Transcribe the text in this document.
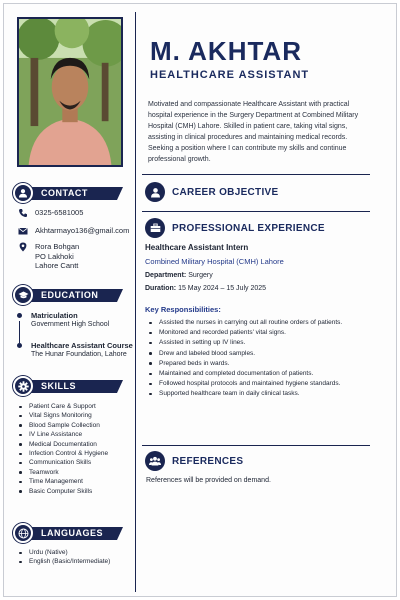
M. AKHTAR
HEALTHCARE ASSISTANT
Motivated and compassionate Healthcare Assistant with practical hospital experience in the Surgery Department at Combined Military Hospital (CMH) Lahore. Skilled in patient care, taking vital signs, assisting in clinical procedures and maintaining medical records. Seeking a position where I can contribute my skills and continue professional growth.
CONTACT
0325-6581005
Akhtarmayo136@gmail.com
Rora Bohgan
PO Lakhoki
Lahore Cantt
EDUCATION
Matriculation
Government High School
Healthcare Assistant Course
The Hunar Foundation, Lahore
SKILLS
Patient Care & Support
Vital Signs Monitoring
Blood Sample Collection
IV Line Assistance
Medical Documentation
Infection Control & Hygiene
Communication Skills
Teamwork
Time Management
Basic Computer Skills
LANGUAGES
Urdu (Native)
English (Basic/Intermediate)
CAREER OBJECTIVE
PROFESSIONAL EXPERIENCE
Healthcare Assistant Intern
Combined Military Hospital (CMH) Lahore
Department: Surgery
Duration: 15 May 2024 – 15 July 2025
Key Responsibilities:
Assisted the nurses in carrying out all routine orders of patients.
Monitored and recorded patients' vital signs.
Assisted in setting up IV lines.
Drew and labeled blood samples.
Prepared beds in wards.
Maintained and completed documentation of patients.
Followed hospital protocols and maintained hygiene standards.
Supported healthcare team in daily clinical tasks.
REFERENCES
References will be provided on demand.
